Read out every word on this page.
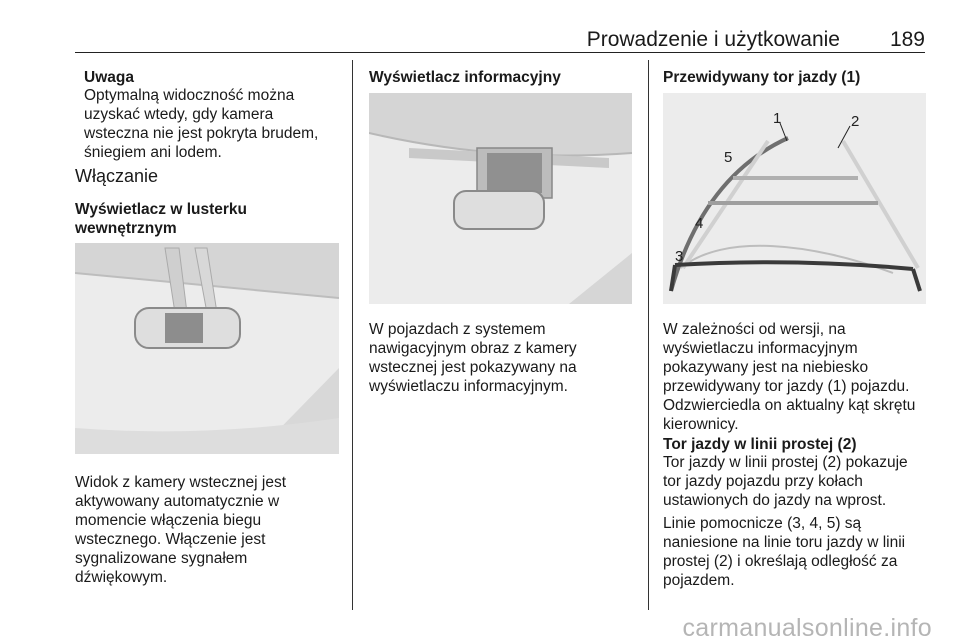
Prowadzenie i użytkowanie 189
Uwaga
Optymalną widoczność można
uzyskać wtedy, gdy kamera
wsteczna nie jest pokryta brudem,
śniegiem ani lodem.
Włączanie
Wyświetlacz w lusterku
wewnętrznym
Widok z kamery wstecznej jest
aktywowany automatycznie w
momencie włączenia biegu
wstecznego. Włączenie jest
sygnalizowane sygnałem
dźwiękowym.
Wyświetlacz informacyjny
W pojazdach z systemem
nawigacyjnym obraz z kamery
wstecznej jest pokazywany na
wyświetlaczu informacyjnym.
Przewidywany tor jazdy (1)
1	2
3
4
5
W zależności od wersji, na
wyświetlaczu informacyjnym
pokazywany jest na niebiesko
przewidywany tor jazdy (1) pojazdu.
Odzwierciedla on aktualny kąt skrętu
kierownicy.
Tor jazdy w linii prostej (2)
Tor jazdy w linii prostej (2) pokazuje
tor jazdy pojazdu przy kołach
ustawionych do jazdy na wprost.
Linie pomocnicze (3, 4, 5) są
naniesione na linie toru jazdy w linii
prostej (2) i określają odległość za
pojazdem.
carmanualsonline.info
